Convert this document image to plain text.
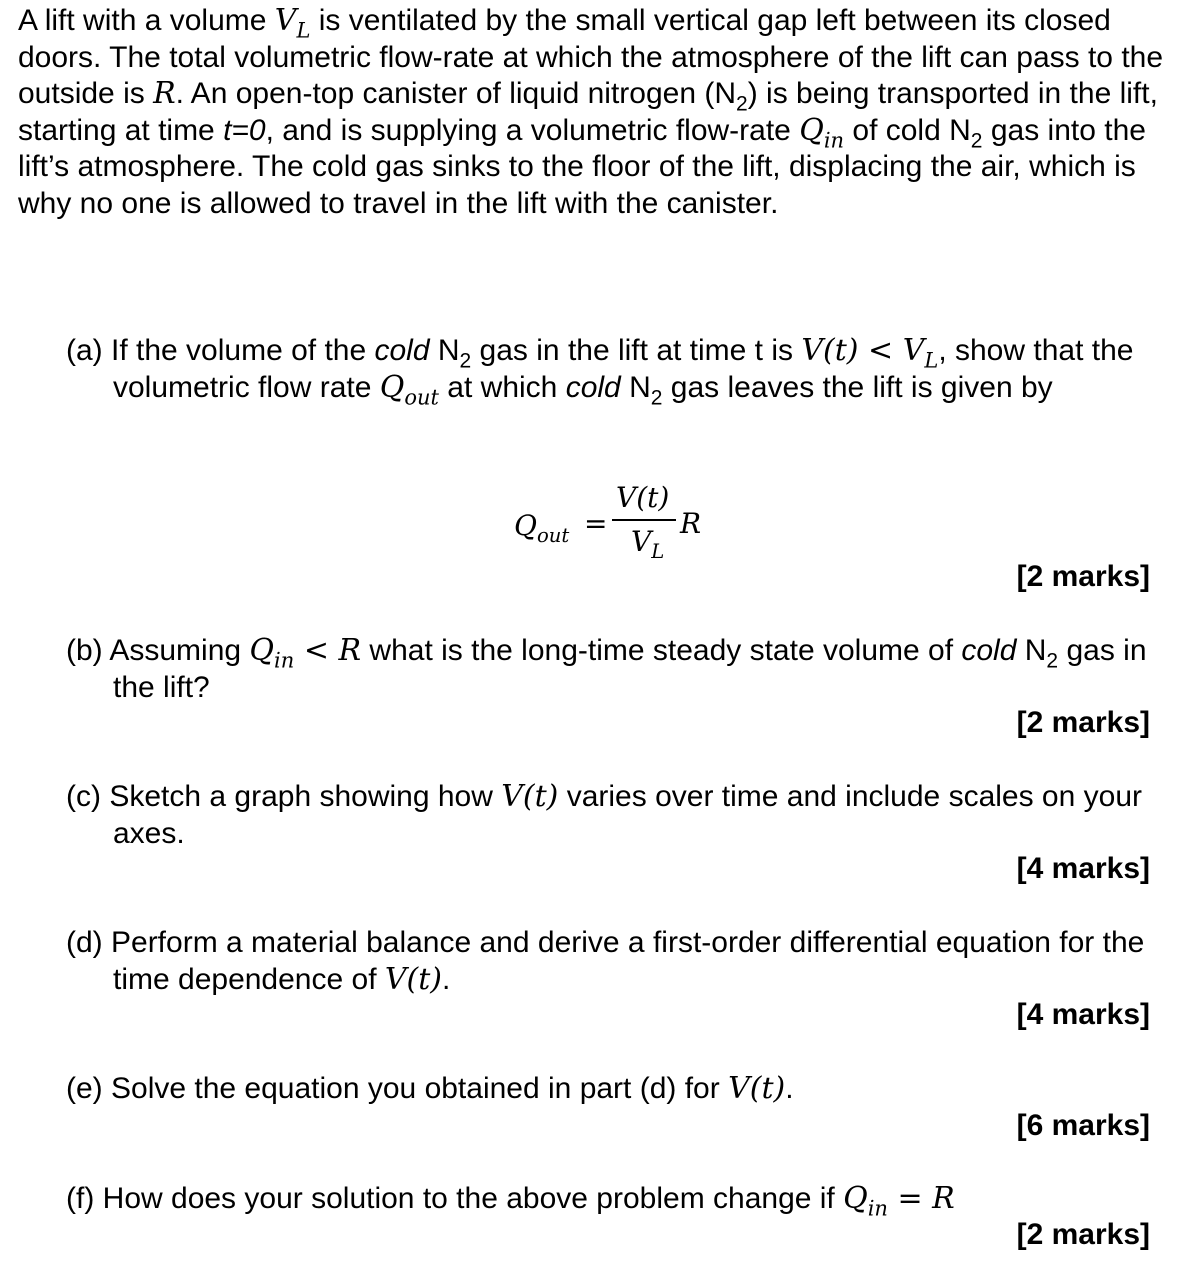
A lift with a volume $V_L$ is ventilated by the small vertical gap left between its closed doors. The total volumetric flow-rate at which the atmosphere of the lift can pass to the outside is R. An open-top canister of liquid nitrogen $(N_2)$ is being transported in the lift, starting at time t=0, and is supplying a volumetric flow-rate $Q_{in}$ of cold $N_2$ gas into the lift’s atmosphere. The cold gas sinks to the floor of the lift, displacing the air, which is why no one is allowed to travel in the lift with the canister.

(a) If the volume of the cold $N_2$ gas in the lift at time t is $V(t) < V_L$, show that the volumetric flow rate $Q_{out}$ at which cold $N_2$ gas leaves the lift is given by

$Q_{out}$ =
V(t)
$V_L$
R

[2 marks]

(b) Assuming $Q_{in} < R$ what is the long-time steady state volume of cold $N_2$ gas in the lift?

[2 marks]

(c) Sketch a graph showing how V(t) varies over time and include scales on your axes.

[4 marks]

(d) Perform a material balance and derive a first-order differential equation for the time dependence of V(t).

[4 marks]

(e) Solve the equation you obtained in part (d) for V(t).

[6 marks]

(f) How does your solution to the above problem change if $Q_{in} = R$

[2 marks]
